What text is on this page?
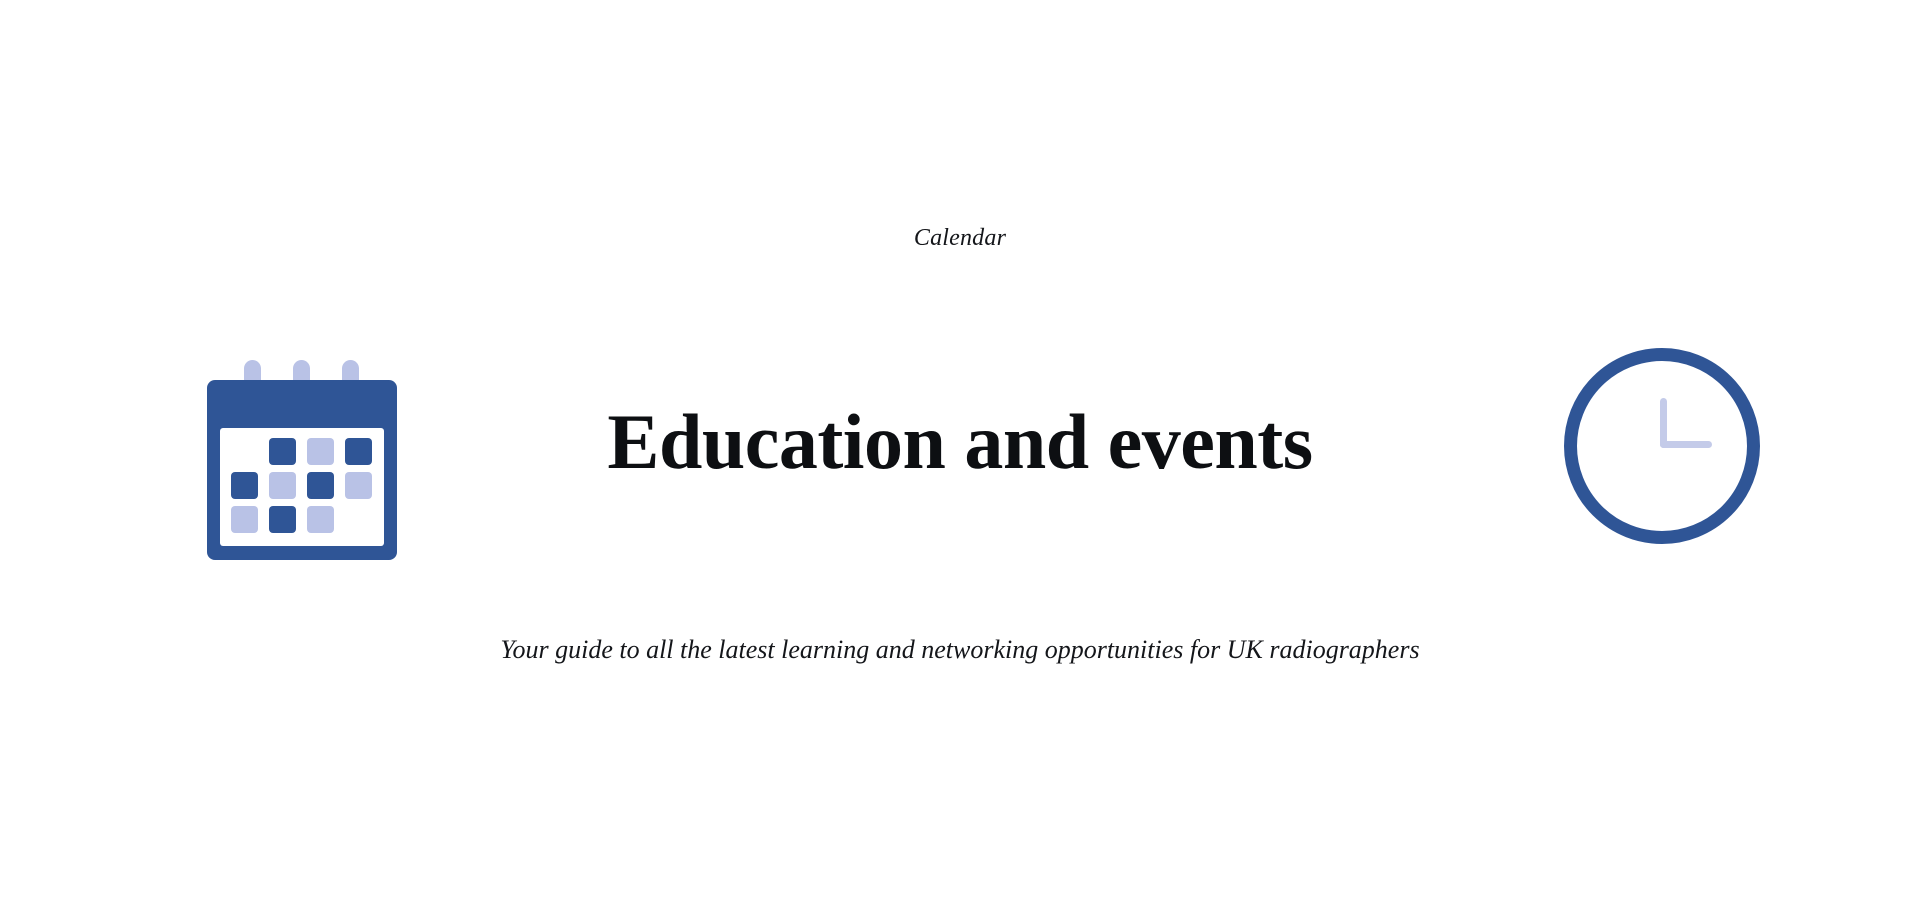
Calendar
Education and events
Your guide to all the latest learning and networking opportunities for UK radiographers
